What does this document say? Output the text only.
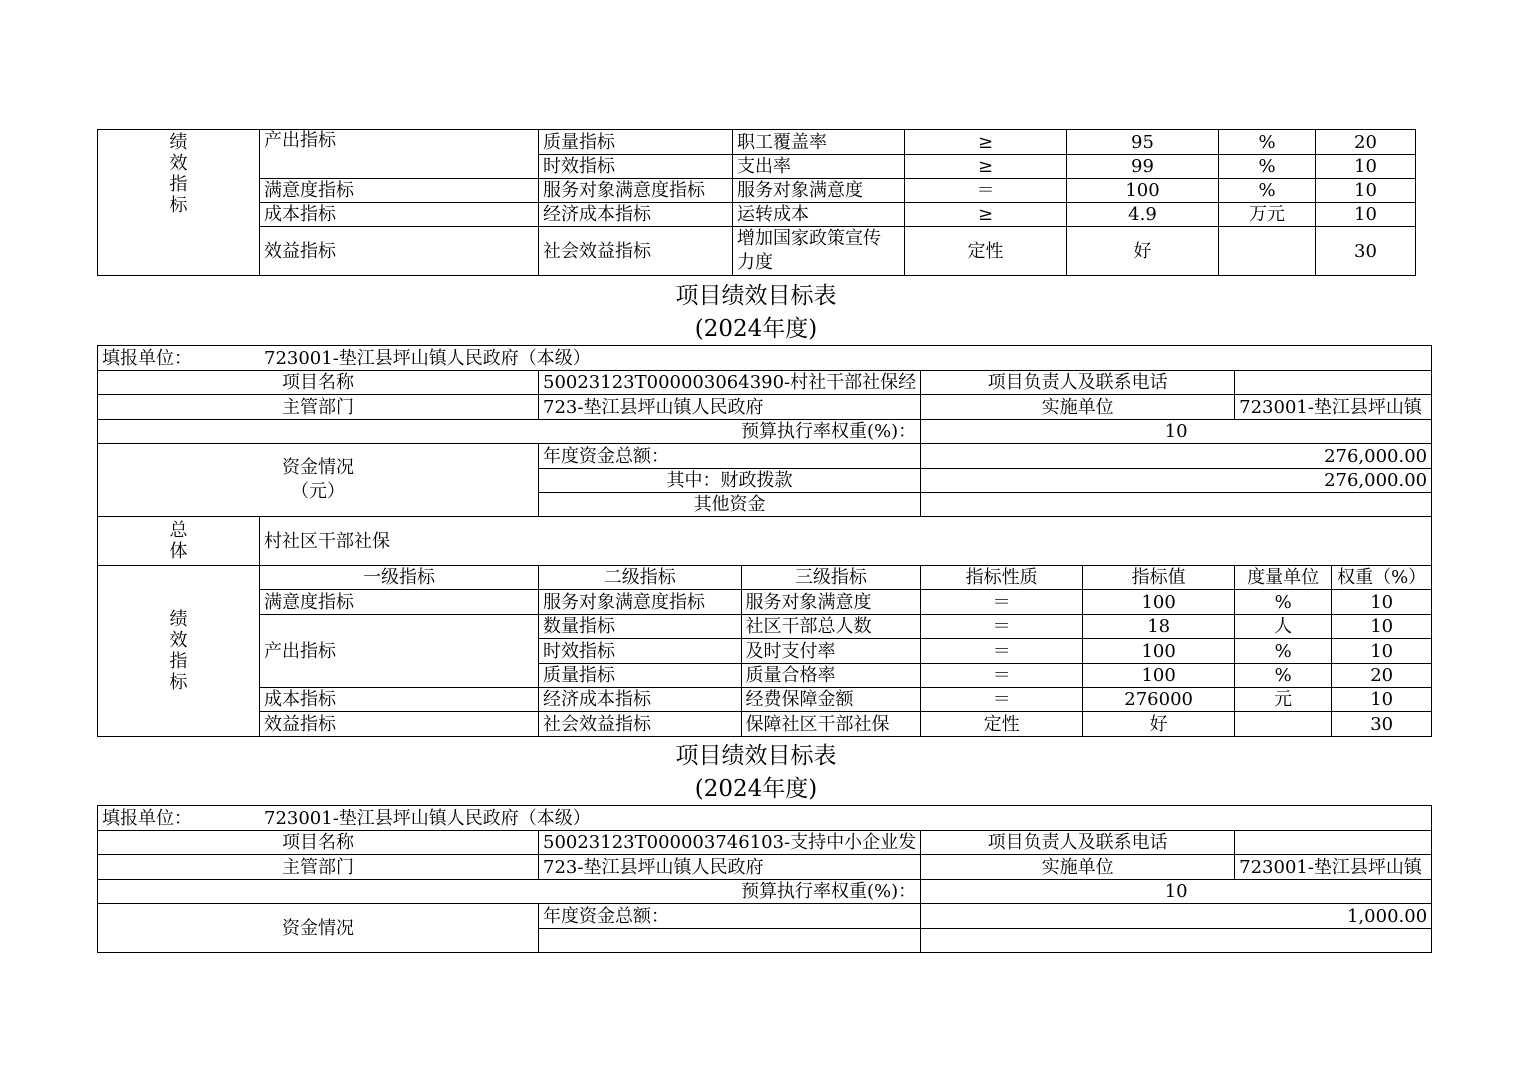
绩
效
指
标	产出指标	质量指标	职工覆盖率	≥	95	%	20
		时效指标	支出率	≥	99	%	10
	满意度指标	服务对象满意度指标	服务对象满意度	＝	100	%	10
	成本指标	经济成本指标	运转成本	≥	4.9	万元	10
	效益指标	社会效益指标	增加国家政策宣传
力度	定性	好		30
项目绩效目标表
(2024年度)
填报单位： 723001-垫江县坪山镇人民政府（本级）							
项目名称		50023123T000003064390-村社干部社保经		项目负责人及联系电话			
主管部门		723-垫江县坪山镇人民政府		实施单位		723001-垫江县坪山镇	
预算执行率权重(%)：				10			
资金情况
（元）		年度资金总额：		276,000.00			
		其中：财政拨款		276,000.00			
		其他资金					
总
体	村社区干部社保						
绩
效
指
标	一级指标	二级指标	三级指标	指标性质	指标值	度量单位	权重（%）
	满意度指标	服务对象满意度指标	服务对象满意度	＝	100	%	10
	产出指标	数量指标	社区干部总人数	＝	18	人	10
		时效指标	及时支付率	＝	100	%	10
		质量指标	质量合格率	＝	100	%	20
	成本指标	经济成本指标	经费保障金额	＝	276000	元	10
	效益指标	社会效益指标	保障社区干部社保	定性	好		30
项目绩效目标表
(2024年度)
填报单位： 723001-垫江县坪山镇人民政府（本级）			
项目名称	50023123T000003746103-支持中小企业发	项目负责人及联系电话	
主管部门	723-垫江县坪山镇人民政府	实施单位	723001-垫江县坪山镇
预算执行率权重(%)：		10	
资金情况	年度资金总额：	1,000.00	
